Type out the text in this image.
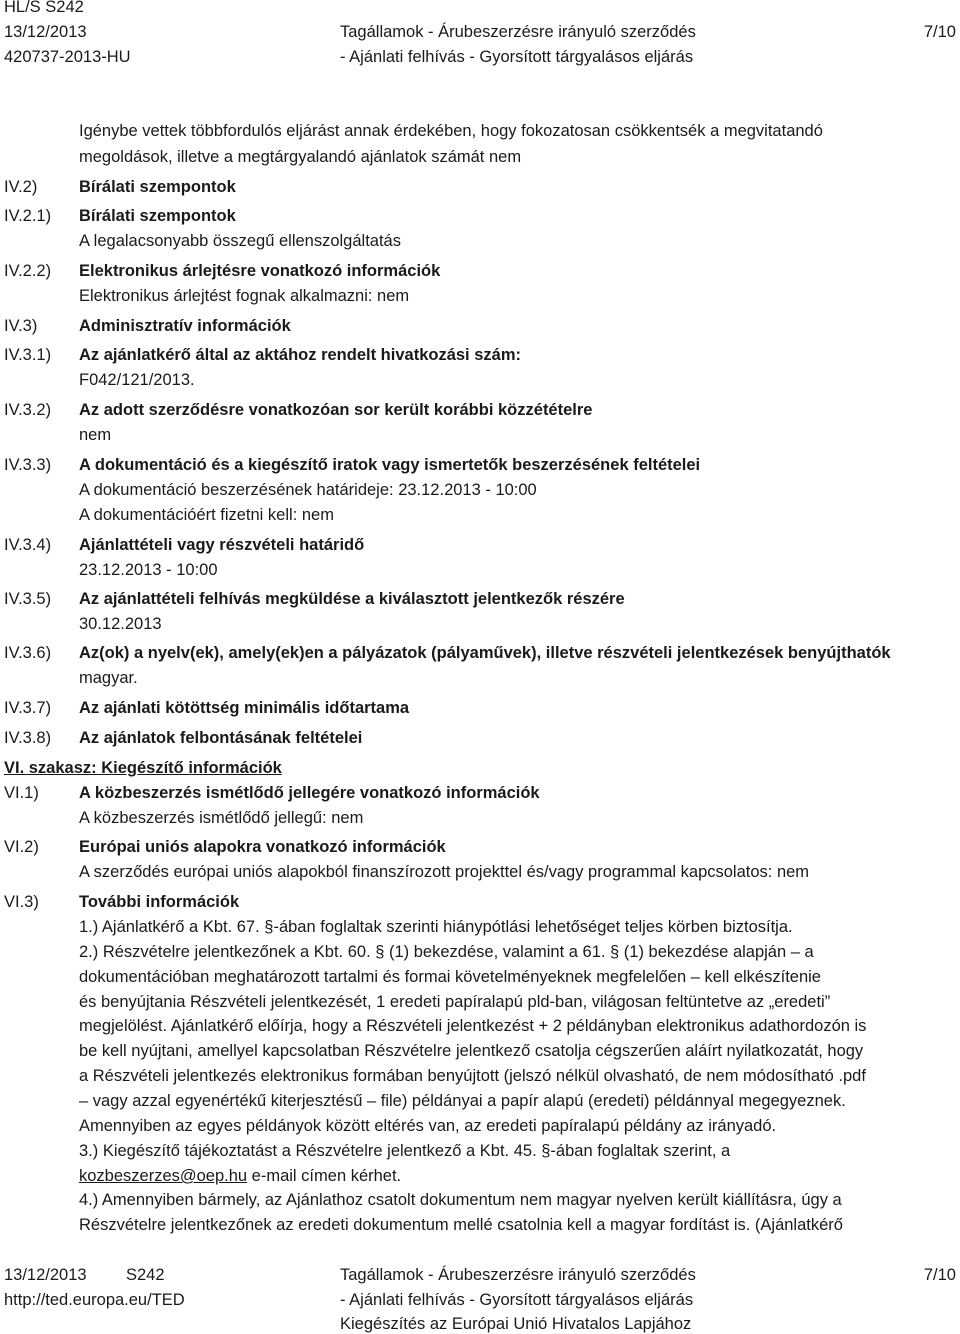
HL/S S242
13/12/2013
420737-2013-HU
Tagállamok - Árubeszerzésre irányuló szerződés
- Ajánlati felhívás - Gyorsított tárgyalásos eljárás
7/10
Igénybe vettek többfordulós eljárást annak érdekében, hogy fokozatosan csökkentsék a megvitatandó
megoldások, illetve a megtárgyalandó ajánlatok számát nem
IV.2)	Bírálati szempontok
IV.2.1) Bírálati szempontok
A legalacsonyabb összegű ellenszolgáltatás
IV.2.2) Elektronikus árlejtésre vonatkozó információk
Elektronikus árlejtést fognak alkalmazni: nem
IV.3)	Adminisztratív információk
IV.3.1) Az ajánlatkérő által az aktához rendelt hivatkozási szám:
F042/121/2013.
IV.3.2) Az adott szerződésre vonatkozóan sor került korábbi közzétételre
nem
IV.3.3) A dokumentáció és a kiegészítő iratok vagy ismertetők beszerzésének feltételei
A dokumentáció beszerzésének határideje: 23.12.2013 - 10:00
A dokumentációért fizetni kell: nem
IV.3.4) Ajánlattételi vagy részvételi határidő
23.12.2013 - 10:00
IV.3.5) Az ajánlattételi felhívás megküldése a kiválasztott jelentkezők részére
30.12.2013
IV.3.6) Az(ok) a nyelv(ek), amely(ek)en a pályázatok (pályaművek), illetve részvételi jelentkezések benyújthatók
magyar.
IV.3.7) Az ajánlati kötöttség minimális időtartama
IV.3.8) Az ajánlatok felbontásának feltételei
VI. szakasz: Kiegészítő információk
VI.1) A közbeszerzés ismétlődő jellegére vonatkozó információk
A közbeszerzés ismétlődő jellegű: nem
VI.2) Európai uniós alapokra vonatkozó információk
A szerződés európai uniós alapokból finanszírozott projekttel és/vagy programmal kapcsolatos: nem
VI.3) További információk
1.) Ajánlatkérő a Kbt. 67. §-ában foglaltak szerinti hiánypótlási lehetőséget teljes körben biztosítja.
2.) Részvételre jelentkezőnek a Kbt. 60. § (1) bekezdése, valamint a 61. § (1) bekezdése alapján – a
dokumentációban meghatározott tartalmi és formai követelményeknek megfelelően – kell elkészítenie
és benyújtania Részvételi jelentkezését, 1 eredeti papíralapú pld-ban, világosan feltüntetve az „eredeti”
megjelölést. Ajánlatkérő előírja, hogy a Részvételi jelentkezést + 2 példányban elektronikus adathordozón is
be kell nyújtani, amellyel kapcsolatban Részvételre jelentkező csatolja cégszerűen aláírt nyilatkozatát, hogy
a Részvételi jelentkezés elektronikus formában benyújtott (jelszó nélkül olvasható, de nem módosítható .pdf
– vagy azzal egyenértékű kiterjesztésű – file) példányai a papír alapú (eredeti) példánnyal megegyeznek.
Amennyiben az egyes példányok között eltérés van, az eredeti papíralapú példány az irányadó.
3.) Kiegészítő tájékoztatást a Részvételre jelentkező a Kbt. 45. §-ában foglaltak szerint, a
kozbeszerzes@oep.hu e-mail címen kérhet.
4.) Amennyiben bármely, az Ajánlathoz csatolt dokumentum nem magyar nyelven került kiállításra, úgy a
Részvételre jelentkezőnek az eredeti dokumentum mellé csatolnia kell a magyar fordítást is. (Ajánlatkérő
13/12/2013 S242
http://ted.europa.eu/TED
Tagállamok - Árubeszerzésre irányuló szerződés
- Ajánlati felhívás - Gyorsított tárgyalásos eljárás
Kiegészítés az Európai Unió Hivatalos Lapjához
7/10
